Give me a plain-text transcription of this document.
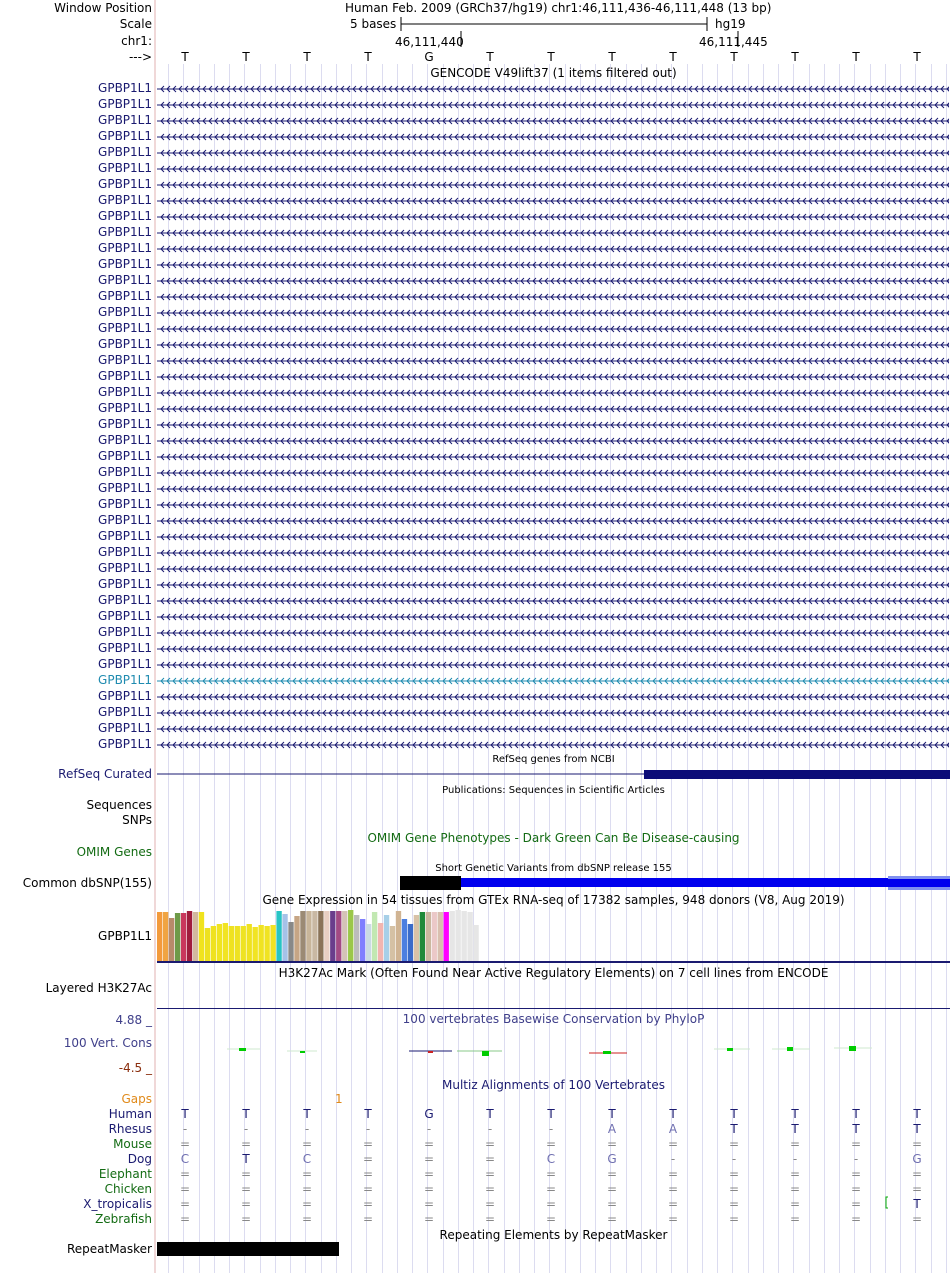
Window Position	Human Feb. 2009 (GRCh37/hg19) chr1:46,111,436-46,111,448 (13 bp)
Scale	5 bases	hg19
chr1:	46,111,440	46,111,445
--->	T	T	T	T	G	T	T	T	T	T	T	T	T
GENCODE V49lift37 (1 items filtered out)
GPBP1L1
GPBP1L1
GPBP1L1
GPBP1L1
GPBP1L1
GPBP1L1
GPBP1L1
GPBP1L1
GPBP1L1
GPBP1L1
GPBP1L1
GPBP1L1
GPBP1L1
GPBP1L1
GPBP1L1
GPBP1L1
GPBP1L1
GPBP1L1
GPBP1L1
GPBP1L1
GPBP1L1
GPBP1L1
GPBP1L1
GPBP1L1
GPBP1L1
GPBP1L1
GPBP1L1
GPBP1L1
GPBP1L1
GPBP1L1
GPBP1L1
GPBP1L1
GPBP1L1
GPBP1L1
GPBP1L1
GPBP1L1
GPBP1L1
GPBP1L1
GPBP1L1
GPBP1L1
GPBP1L1
GPBP1L1
RefSeq genes from NCBI
RefSeq Curated
Publications: Sequences in Scientific Articles
Sequences
SNPs
OMIM Gene Phenotypes - Dark Green Can Be Disease-causing
OMIM Genes
Short Genetic Variants from dbSNP release 155
Common dbSNP(155)
Gene Expression in 54 tissues from GTEx RNA-seq of 17382 samples, 948 donors (V8, Aug 2019)
GPBP1L1
H3K27Ac Mark (Often Found Near Active Regulatory Elements) on 7 cell lines from ENCODE
Layered H3K27Ac
100 vertebrates Basewise Conservation by PhyloP
4.88 _
100 Vert. Cons
-4.5 _
Multiz Alignments of 100 Vertebrates
Gaps	1
Human	T	T	T	T	G	T	T	T	T	T	T	T	T
Rhesus	-	-	-	-	-	-	-	A	A	T	T	T	T
Mouse	=	=	=	=	=	=	=	=	=	=	=	=	=
Dog	C	T	C	=	=	=	C	G	-	-	-	-	G
Elephant	=	=	=	=	=	=	=	=	=	=	=	=	=
Chicken	=	=	=	=	=	=	=	=	=	=	=	=	=
X_tropicalis	=	=	=	=	=	=	=	=	=	=	=	=	T
Zebrafish	=	=	=	=	=	=	=	=	=	=	=	=	=
Repeating Elements by RepeatMasker
RepeatMasker
